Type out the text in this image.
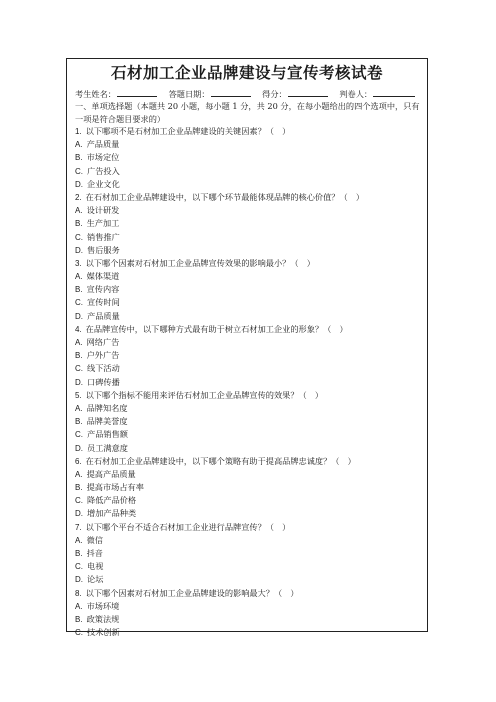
石材加工企业品牌建设与宣传考核试卷
考生姓名：	答题日期：	得分：	判卷人：
一、单项选择题（本题共 20 小题，每小题 1 分，共 20 分，在每小题给出的四个选项中，只有一项是符合题目要求的）
1. 以下哪项不是石材加工企业品牌建设的关键因素？（　）
A. 产品质量
B. 市场定位
C. 广告投入
D. 企业文化
2. 在石材加工企业品牌建设中，以下哪个环节最能体现品牌的核心价值？（　）
A. 设计研发
B. 生产加工
C. 销售推广
D. 售后服务
3. 以下哪个因素对石材加工企业品牌宣传效果的影响最小？（　）
A. 媒体渠道
B. 宣传内容
C. 宣传时间
D. 产品质量
4. 在品牌宣传中，以下哪种方式最有助于树立石材加工企业的形象？（　）
A. 网络广告
B. 户外广告
C. 线下活动
D. 口碑传播
5. 以下哪个指标不能用来评估石材加工企业品牌宣传的效果？（　）
A. 品牌知名度
B. 品牌美誉度
C. 产品销售额
D. 员工满意度
6. 在石材加工企业品牌建设中，以下哪个策略有助于提高品牌忠诚度？（　）
A. 提高产品质量
B. 提高市场占有率
C. 降低产品价格
D. 增加产品种类
7. 以下哪个平台不适合石材加工企业进行品牌宣传？（　）
A. 微信
B. 抖音
C. 电视
D. 论坛
8. 以下哪个因素对石材加工企业品牌建设的影响最大？（　）
A. 市场环境
B. 政策法规
C. 技术创新
